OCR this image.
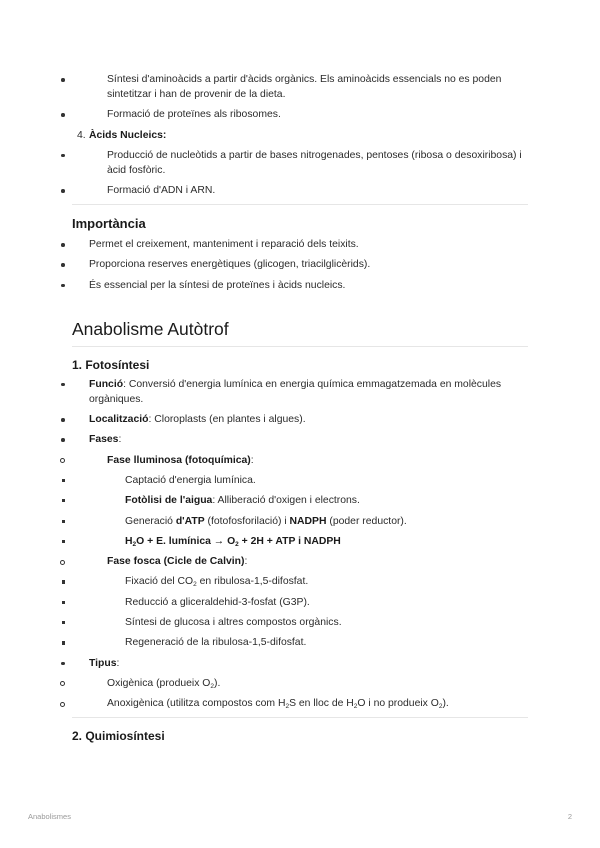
Síntesi d'aminoàcids a partir d'àcids orgànics. Els aminoàcids essencials no es poden sintetitzar i han de provenir de la dieta.
Formació de proteïnes als ribosomes.
4. Àcids Nucleics:
Producció de nucleòtids a partir de bases nitrogenades, pentoses (ribosa o desoxiribosa) i àcid fosfòric.
Formació d'ADN i ARN.
Importància
Permet el creixement, manteniment i reparació dels teixits.
Proporciona reserves energètiques (glicogen, triacilglicèrids).
És essencial per la síntesi de proteïnes i àcids nucleics.
Anabolisme Autòtrof
1. Fotosíntesi
Funció: Conversió d'energia lumínica en energia química emmagatzemada en molècules orgàniques.
Localització: Cloroplasts (en plantes i algues).
Fases:
Fase lluminosa (fotoquímica):
Captació d'energia lumínica.
Fotòlisi de l'aigua: Alliberació d'oxigen i electrons.
Generació d'ATP (fotofosforilació) i NADPH (poder reductor).
$H_2O + E$. lumínica → $O_2 + 2H$ + ATP i NADPH
Fase fosca (Cicle de Calvin):
Fixació del $CO_2$ en ribulosa-1,5-difosfat.
Reducció a gliceraldehid-3-fosfat (G3P).
Síntesi de glucosa i altres compostos orgànics.
Regeneració de la ribulosa-1,5-difosfat.
Tipus:
Oxigènica (produeix $O_2$).
Anoxigènica (utilitza compostos com $H_2S$ en lloc de $H_2O$ i no produeix $O_2$).
2. Quimiosíntesi
Anabolismes	2
